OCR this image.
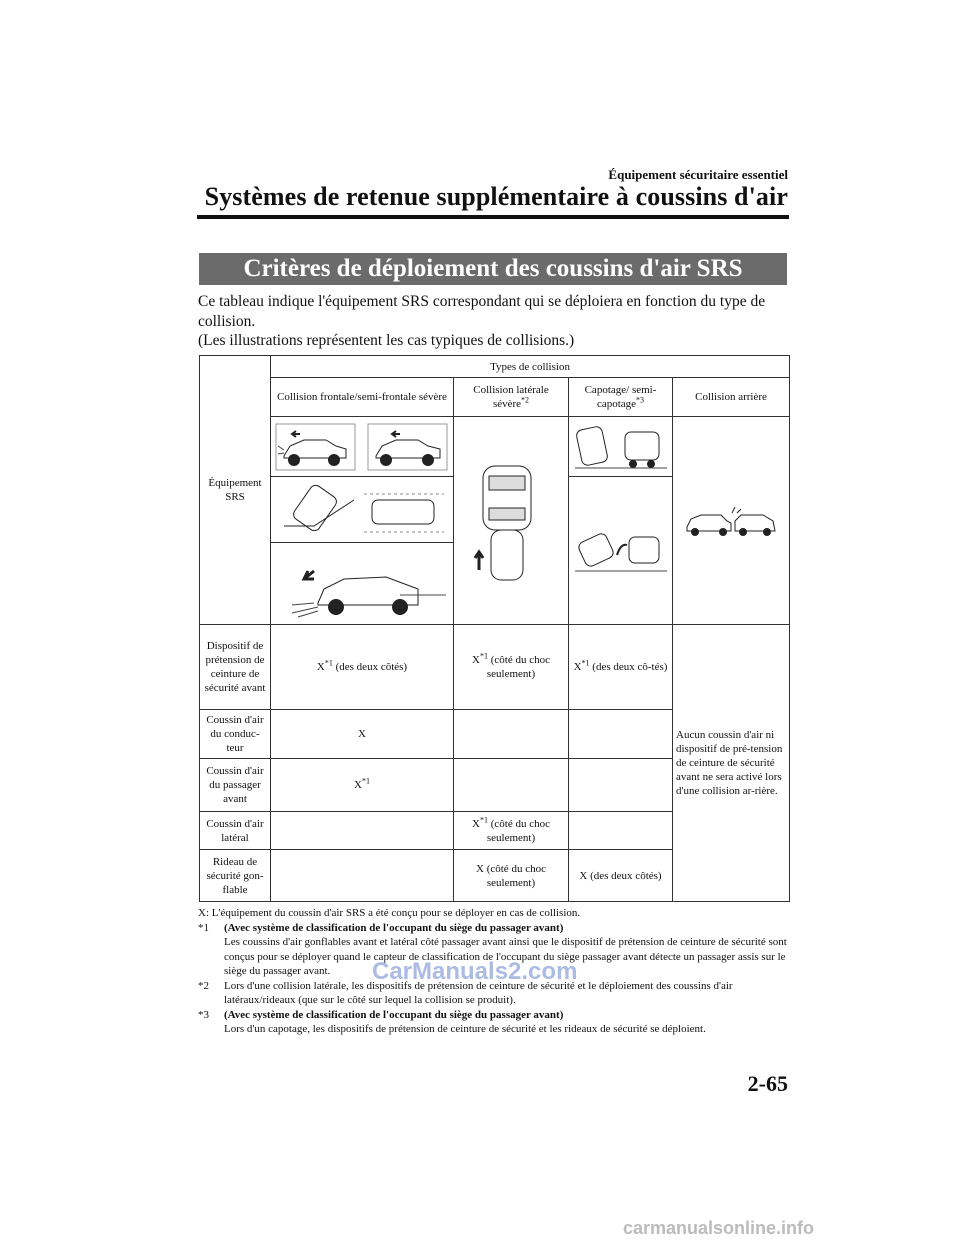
Équipement sécuritaire essentiel
Systèmes de retenue supplémentaire à coussins d'air
Critères de déploiement des coussins d'air SRS

Ce tableau indique l'équipement SRS correspondant qui se déploiera en fonction du type de collision.

(Les illustrations représentent les cas typiques de collisions.)

Équipement SRS	Types de collision			
	Collision frontale/semi-frontale sévère	Collision latérale sévère$^{*2}$	Capotage/ semi-capotage$^{*3}$	Collision arrière

Dispositif de prétension de ceinture de sécurité avant	$X^{*1}$ (des deux côtés)	$X^{*1}$ (côté du choc seulement)	$X^{*1}$ (des deux cô-tés)	Aucun coussin d'air ni dispositif de pré-tension de ceinture de sécurité avant ne sera activé lors d'une collision ar-rière.
Coussin d'air du conduc-teur	X			
Coussin d'air du passager avant	$X^{*1}$		
Coussin d'air latéral		$X^{*1}$ (côté du choc seulement)		
Rideau de sécurité gon-flable		X (côté du choc seulement)	X (des deux côtés)	

X: L'équipement du coussin d'air SRS a été conçu pour se déployer en cas de collision.

*1	(Avec système de classification de l'occupant du siège du passager avant)

Les coussins d'air gonflables avant et latéral côté passager avant ainsi que le dispositif de prétension de ceinture de sécurité sont conçus pour se déployer quand le capteur de classification de l'occupant du siège passager avant détecte un passager assis sur le siège du passager avant.

*2	Lors d'une collision latérale, les dispositifs de prétension de ceinture de sécurité et le déploiement des coussins d'air latéraux/rideaux (que sur le côté sur lequel la collision se produit).

*3	(Avec système de classification de l'occupant du siège du passager avant)

Lors d'un capotage, les dispositifs de prétension de ceinture de sécurité et les rideaux de sécurité se déploient.

CarManuals2.com
2-65
carmanualsonline.info
